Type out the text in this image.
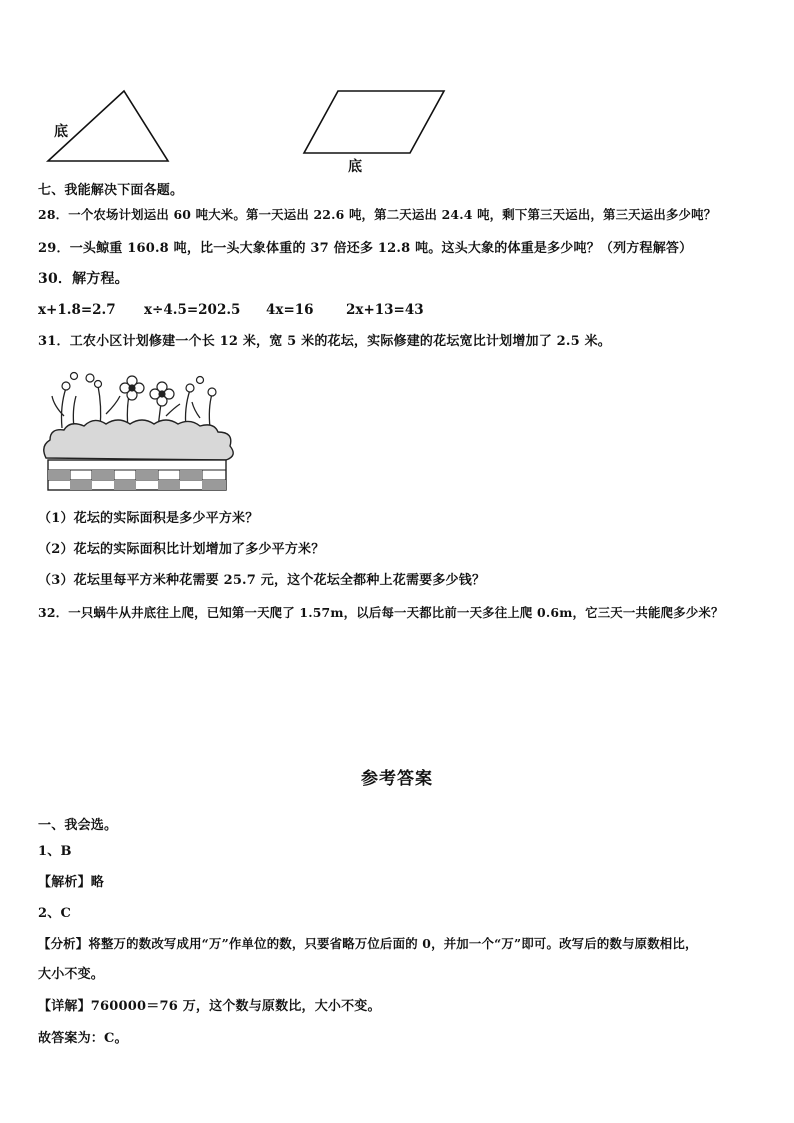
底
底
七、我能解决下面各题。
28．一个农场计划运出 60 吨大米。第一天运出 22.6 吨，第二天运出 24.4 吨，剩下第三天运出，第三天运出多少吨？
29．一头鲸重 160.8 吨，比一头大象体重的 37 倍还多 12.8 吨。这头大象的体重是多少吨？（列方程解答）
30．解方程。
x+1.8=2.7 x÷4.5=202.5 4x=16 2x+13=43
31．工农小区计划修建一个长 12 米，宽 5 米的花坛，实际修建的花坛宽比计划增加了 2.5 米。
（1）花坛的实际面积是多少平方米？
（2）花坛的实际面积比计划增加了多少平方米？
（3）花坛里每平方米种花需要 25.7 元，这个花坛全都种上花需要多少钱？
32．一只蜗牛从井底往上爬，已知第一天爬了 1.57m，以后每一天都比前一天多往上爬 0.6m，它三天一共能爬多少米？
参考答案
一、我会选。
1、B
【解析】略
2、C
【分析】将整万的数改写成用“万”作单位的数，只要省略万位后面的 0，并加一个“万”即可。改写后的数与原数相比，
大小不变。
【详解】760000＝76 万，这个数与原数比，大小不变。
故答案为：C。
